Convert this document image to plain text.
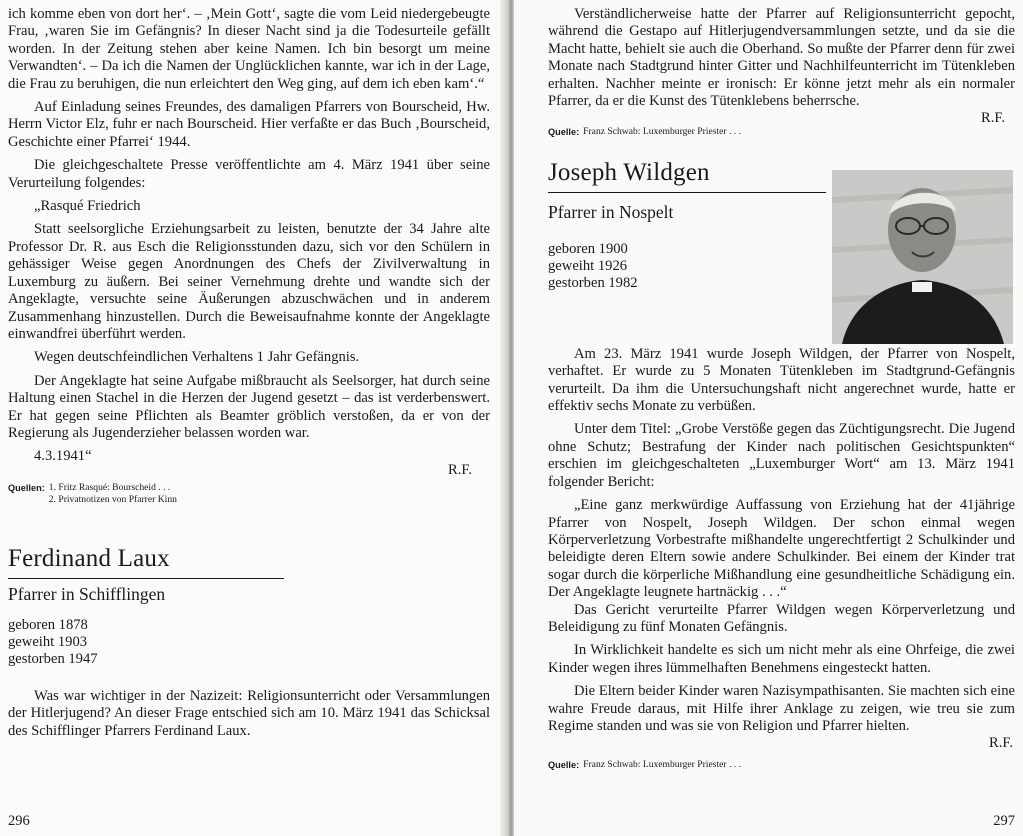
ich komme eben von dort her‘. – ‚Mein Gott‘, sagte die vom Leid niedergebeugte Frau, ‚waren Sie im Gefängnis? In dieser Nacht sind ja die Todesurteile gefällt worden. In der Zeitung stehen aber keine Namen. Ich bin besorgt um meine Verwandten‘. – Da ich die Namen der Unglücklichen kannte, war ich in der Lage, die Frau zu beruhigen, die nun erleichtert den Weg ging, auf dem ich eben kam‘.“

Auf Einladung seines Freundes, des damaligen Pfarrers von Bourscheid, Hw. Herrn Victor Elz, fuhr er nach Bourscheid. Hier verfaßte er das Buch ‚Bourscheid, Geschichte einer Pfarrei‘ 1944.

Die gleichgeschaltete Presse veröffentlichte am 4. März 1941 über seine Verurteilung folgendes:

„Rasqué Friedrich

Statt seelsorgliche Erziehungsarbeit zu leisten, benutzte der 34 Jahre alte Professor Dr. R. aus Esch die Religionsstunden dazu, sich vor den Schülern in gehässiger Weise gegen Anordnungen des Chefs der Zivilverwaltung in Luxemburg zu äußern. Bei seiner Vernehmung drehte und wandte sich der Angeklagte, versuchte seine Äußerungen abzuschwächen und in anderem Zusammenhang hinzustellen. Durch die Beweisaufnahme konnte der Angeklagte einwandfrei überführt werden.

Wegen deutschfeindlichen Verhaltens 1 Jahr Gefängnis.

Der Angeklagte hat seine Aufgabe mißbraucht als Seelsorger, hat durch seine Haltung einen Stachel in die Herzen der Jugend gesetzt – das ist verderbenswert. Er hat gegen seine Pflichten als Beamter gröblich verstoßen, da er von der Regierung als Jugenderzieher belassen worden war.

4.3.1941“
R.F.
Quellen: 1. Fritz Rasqué: Bourscheid . . .
2. Privatnotizen von Pfarrer Kinn
Ferdinand Laux
Pfarrer in Schifflingen
geboren 1878
geweiht 1903
gestorben 1947

Was war wichtiger in der Nazizeit: Religionsunterricht oder Versammlungen der Hitlerjugend? An dieser Frage entschied sich am 10. März 1941 das Schicksal des Schifflinger Pfarrers Ferdinand Laux.

296

Verständlicherweise hatte der Pfarrer auf Religionsunterricht gepocht, während die Gestapo auf Hitlerjugendversammlungen setzte, und da sie die Macht hatte, behielt sie auch die Oberhand. So mußte der Pfarrer denn für zwei Monate nach Stadtgrund hinter Gitter und Nachhilfeunterricht im Tütenkleben erhalten. Nachher meinte er ironisch: Er könne jetzt mehr als ein normaler Pfarrer, da er die Kunst des Tütenklebens beherrsche.

R.F.
Quelle: Franz Schwab: Luxemburger Priester . . .
Joseph Wildgen
Pfarrer in Nospelt
geboren 1900
geweiht 1926
gestorben 1982

Am 23. März 1941 wurde Joseph Wildgen, der Pfarrer von Nospelt, verhaftet. Er wurde zu 5 Monaten Tütenkleben im Stadtgrund-Gefängnis verurteilt. Da ihm die Untersuchungshaft nicht angerechnet wurde, hatte er effektiv sechs Monate zu verbüßen.

Unter dem Titel: „Grobe Verstöße gegen das Züchtigungsrecht. Die Jugend ohne Schutz; Bestrafung der Kinder nach politischen Gesichtspunkten“ erschien im gleichgeschalteten „Luxemburger Wort“ am 13. März 1941 folgender Bericht:

„Eine ganz merkwürdige Auffassung von Erziehung hat der 41jährige Pfarrer von Nospelt, Joseph Wildgen. Der schon einmal wegen Körperverletzung Vorbestrafte mißhandelte ungerechtfertigt 2 Schulkinder und beleidigte deren Eltern sowie andere Schulkinder. Bei einem der Kinder trat sogar durch die körperliche Mißhandlung eine gesundheitliche Schädigung ein. Der Angeklagte leugnete hartnäckig . . .“

Das Gericht verurteilte Pfarrer Wildgen wegen Körperverletzung und Beleidigung zu fünf Monaten Gefängnis.

In Wirklichkeit handelte es sich um nicht mehr als eine Ohrfeige, die zwei Kinder wegen ihres lümmelhaften Benehmens eingesteckt hatten.

Die Eltern beider Kinder waren Nazisympathisanten. Sie machten sich eine wahre Freude daraus, mit Hilfe ihrer Anklage zu zeigen, wie treu sie zum Regime standen und was sie von Religion und Pfarrer hielten.

R.F.
Quelle: Franz Schwab: Luxemburger Priester . . .
297
